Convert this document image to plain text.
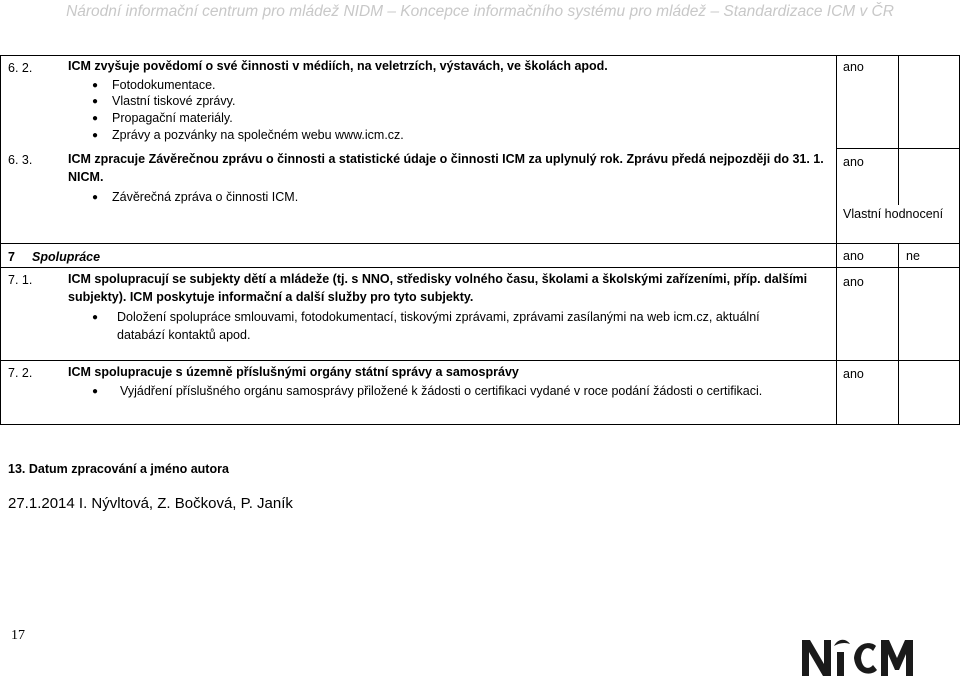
Národní informační centrum pro mládež NIDM – Koncepce informačního systému pro mládež – Standardizace ICM v ČR
6. 2.	ICM zvyšuje povědomí o své činnosti v médiích, na veletrzích, výstavách, ve školách apod.
● Fotodokumentace.
● Vlastní tiskové zprávy.
● Propagační materiály.
● Zprávy a pozvánky na společném webu www.icm.cz.
ano
6. 3.	ICM zpracuje Závěrečnou zprávu o činnosti a statistické údaje o činnosti ICM za uplynulý rok. Zprávu předá nejpozději do 31. 1.
NICM.
● Závěrečná zpráva o činnosti ICM.
ano
Vlastní hodnocení
7 Spolupráce	ano	ne
7. 1.	ICM spolupracují se subjekty dětí a mládeže (tj. s NNO, středisky volného času, školami a školskými zařízeními, příp. dalšími
subjekty). ICM poskytuje informační a další služby pro tyto subjekty.
● Doložení spolupráce smlouvami, fotodokumentací, tiskovými zprávami, zprávami zasílanými na web icm.cz, aktuální
databází kontaktů apod.
ano
7. 2.	ICM spolupracuje s územně příslušnými orgány státní správy a samosprávy
● Vyjádření příslušného orgánu samosprávy přiložené k žádosti o certifikaci vydané v roce podání žádosti o certifikaci.
ano
13. Datum zpracování a jméno autora
27.1.2014 I. Nývltová, Z. Bočková, P. Janík
17
